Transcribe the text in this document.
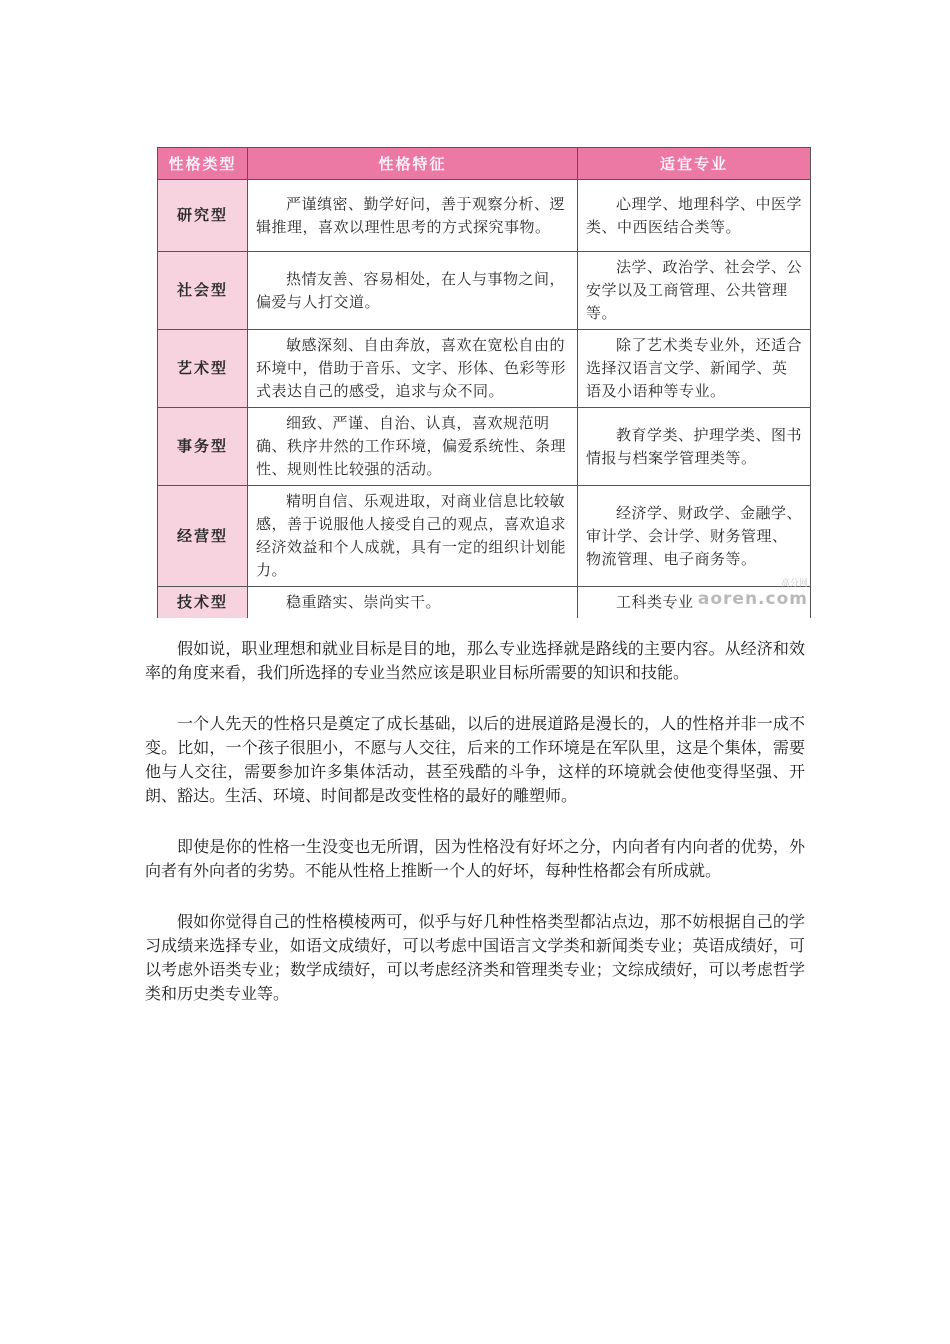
性格类型	性格特征	适宜专业
研究型	严谨缜密、勤学好问，善于观察分析、逻辑推理，喜欢以理性思考的方式探究事物。	心理学、地理科学、中医学类、中西医结合类等。
社会型	热情友善、容易相处，在人与事物之间，偏爱与人打交道。	法学、政治学、社会学、公安学以及工商管理、公共管理等。
艺术型	敏感深刻、自由奔放，喜欢在宽松自由的环境中，借助于音乐、文字、形体、色彩等形式表达自己的感受，追求与众不同。	除了艺术类专业外，还适合选择汉语言文学、新闻学、英语及小语种等专业。
事务型	细致、严谨、自治、认真，喜欢规范明确、秩序井然的工作环境，偏爱系统性、条理性、规则性比较强的活动。	教育学类、护理学类、图书情报与档案学管理类等。
经营型	精明自信、乐观进取，对商业信息比较敏感，善于说服他人接受自己的观点，喜欢追求经济效益和个人成就，具有一定的组织计划能力。	经济学、财政学、金融学、审计学、会计学、财务管理、物流管理、电子商务等。
技术型	稳重踏实、崇尚实干。	工科类专业
高分网
aoren.com

假如说，职业理想和就业目标是目的地，那么专业选择就是路线的主要内容。从经济和效率的角度来看，我们所选择的专业当然应该是职业目标所需要的知识和技能。

一个人先天的性格只是奠定了成长基础，以后的进展道路是漫长的，人的性格并非一成不变。比如，一个孩子很胆小，不愿与人交往，后来的工作环境是在军队里，这是个集体，需要他与人交往，需要参加许多集体活动，甚至残酷的斗争，这样的环境就会使他变得坚强、开朗、豁达。生活、环境、时间都是改变性格的最好的雕塑师。

即使是你的性格一生没变也无所谓，因为性格没有好坏之分，内向者有内向者的优势，外向者有外向者的劣势。不能从性格上推断一个人的好坏，每种性格都会有所成就。

假如你觉得自己的性格模棱两可，似乎与好几种性格类型都沾点边，那不妨根据自己的学习成绩来选择专业，如语文成绩好，可以考虑中国语言文学类和新闻类专业；英语成绩好，可以考虑外语类专业；数学成绩好，可以考虑经济类和管理类专业；文综成绩好，可以考虑哲学类和历史类专业等。
